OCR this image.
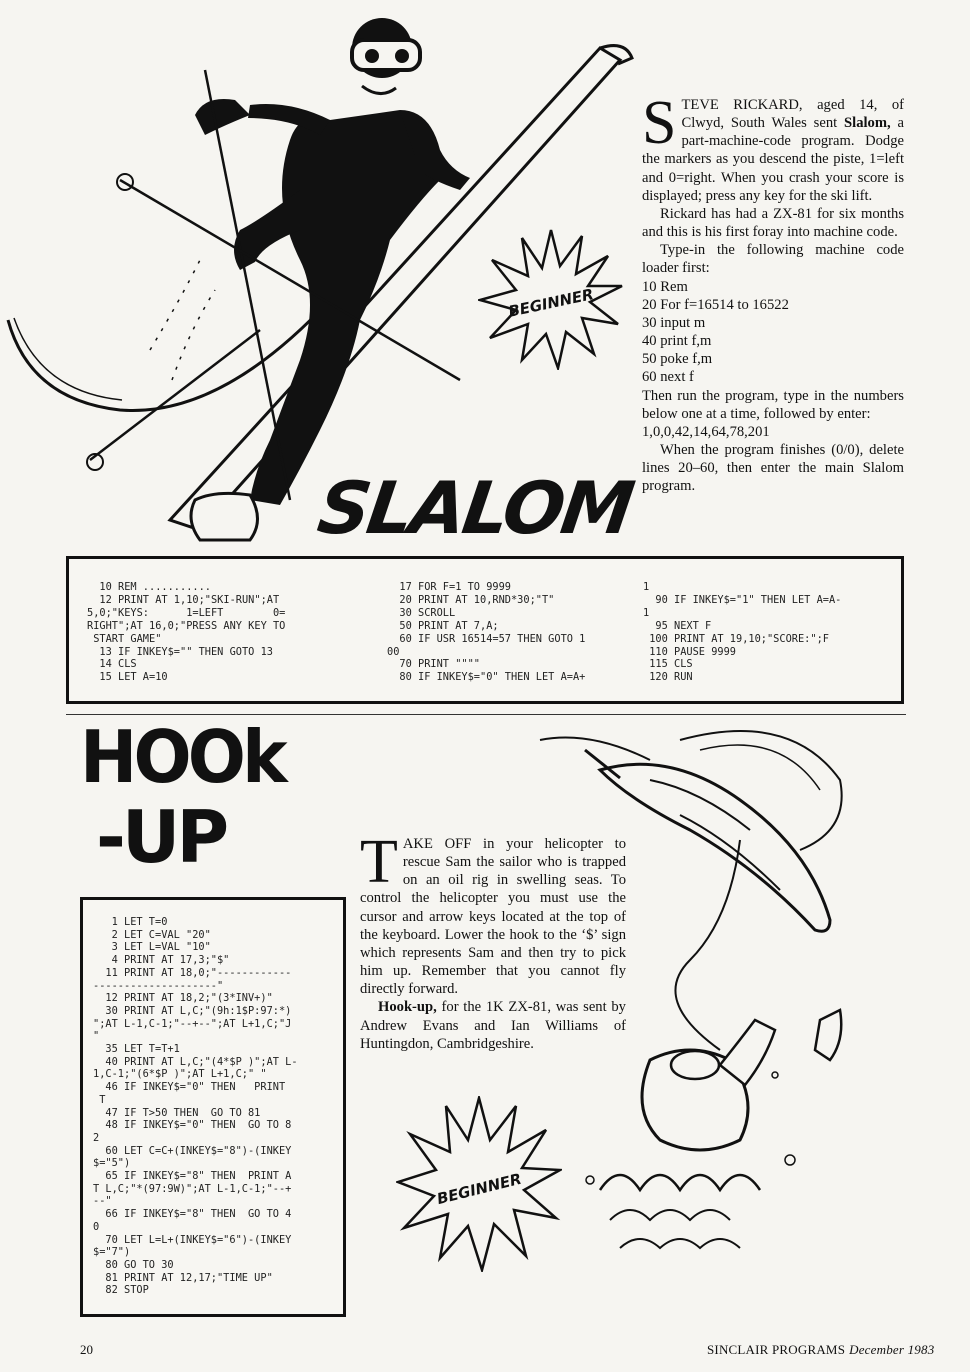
BEGINNER
SLALOM

S TEVE RICKARD, aged 14, of Clwyd, South Wales sent Slalom, a part-machine-code program. Dodge the markers as you descend the piste, 1=left and 0=right. When you crash your score is displayed; press any key for the ski lift.

Rickard has had a ZX-81 for six months and this is his first foray into machine code.

Type-in the following machine code loader first:

10 Rem

20 For f=16514 to 16522

30 input m

40 print f,m

50 poke f,m

60 next f

Then run the program, type in the numbers below one at a time, followed by enter:

1,0,0,42,14,64,78,201

When the program finishes (0/0), delete lines 20–60, then enter the main Slalom program.

10 REM ...........
12 PRINT AT 1,10;"SKI-RUN";AT
5,0;"KEYS:      1=LEFT        0=
RIGHT";AT 16,0;"PRESS ANY KEY TO
START GAME"
13 IF INKEY$="" THEN GOTO 13
14 CLS
15 LET A=10
17 FOR F=1 TO 9999
20 PRINT AT 10,RND*30;"T"
30 SCROLL
50 PRINT AT 7,A;
60 IF USR 16514=57 THEN GOTO 1
00
70 PRINT """"
80 IF INKEY$="0" THEN LET A=A+
1
90 IF INKEY$="1" THEN LET A=A-
1
95 NEXT F
100 PRINT AT 19,10;"SCORE:";F
110 PAUSE 9999
115 CLS
120 RUN
HOOk
-UP
BEGINNER

T AKE OFF in your helicopter to rescue Sam the sailor who is trapped on an oil rig in swelling seas. To control the helicopter you must use the cursor and arrow keys located at the top of the keyboard. Lower the hook to the ‘$’ sign which represents Sam and then try to pick him up. Remember that you cannot fly directly forward.

Hook-up, for the 1K ZX-81, was sent by Andrew Evans and Ian Williams of Huntingdon, Cambridgeshire.

1 LET T=0
2 LET C=VAL "20"
3 LET L=VAL "10"
4 PRINT AT 17,3;"$"
11 PRINT AT 18,0;"------------
--------------------"
12 PRINT AT 18,2;"(3*INV+)"
30 PRINT AT L,C;"(9h:1$P:97:*)
";AT L-1,C-1;"--+--";AT L+1,C;"J
"
35 LET T=T+1
40 PRINT AT L,C;"(4*$P )";AT L-
1,C-1;"(6*$P )";AT L+1,C;" "
46 IF INKEY$="0" THEN   PRINT
T
47 IF T>50 THEN  GO TO 81
48 IF INKEY$="0" THEN  GO TO 8
2
60 LET C=C+(INKEY$="8")-(INKEY
$="5")
65 IF INKEY$="8" THEN  PRINT A
T L,C;"*(97:9W)";AT L-1,C-1;"--+
--"
66 IF INKEY$="8" THEN  GO TO 4
0
70 LET L=L+(INKEY$="6")-(INKEY
$="7")
80 GO TO 30
81 PRINT AT 12,17;"TIME UP"
82 STOP
20	SINCLAIR PROGRAMS December 1983
